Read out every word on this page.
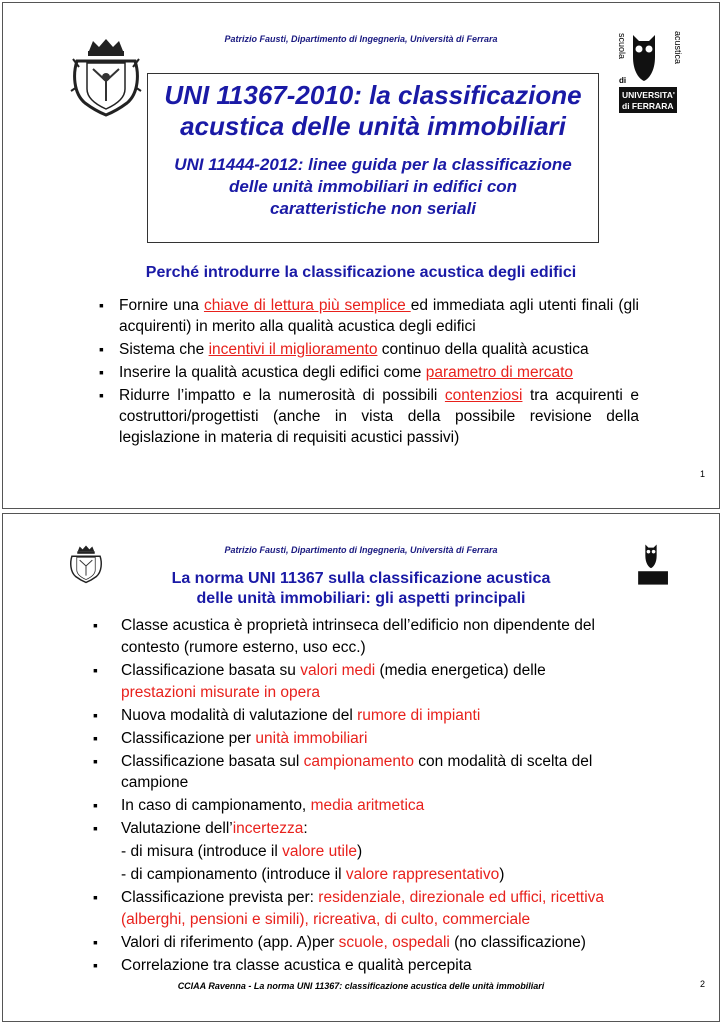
Patrizio Fausti, Dipartimento di Ingegneria, Università di Ferrara	scuola	acustica
di
UNIVERSITA'
di FERRARA
UNI 11367-2010: la classificazione acustica delle unità immobiliari
UNI 11444-2012: linee guida per la classificazione delle unità immobiliari in edifici con caratteristiche non seriali
Perché introdurre la classificazione acustica degli edifici
▪ Fornire una chiave di lettura più semplice ed immediata agli utenti finali (gli acquirenti) in merito alla qualità acustica degli edifici
▪ Sistema che incentivi il miglioramento continuo della qualità acustica
▪ Inserire la qualità acustica degli edifici come parametro di mercato
▪ Ridurre l’impatto e la numerosità di possibili contenziosi tra acquirenti e costruttori/progettisti (anche in vista della possibile revisione della legislazione in materia di requisiti acustici passivi)
1
Patrizio Fausti, Dipartimento di Ingegneria, Università di Ferrara
La norma UNI 11367 sulla classificazione acustica
delle unità immobiliari: gli aspetti principali
▪ Classe acustica è proprietà intrinseca dell’edificio non dipendente del contesto (rumore esterno, uso ecc.)
▪ Classificazione basata su valori medi (media energetica) delle
prestazioni misurate in opera
▪ Nuova modalità di valutazione del rumore di impianti
▪ Classificazione per unità immobiliari
▪ Classificazione basata sul campionamento con modalità di scelta del campione
▪ In caso di campionamento, media aritmetica
▪ Valutazione dell’incertezza:
- di misura (introduce il valore utile)
- di campionamento (introduce il valore rappresentativo)
▪ Classificazione prevista per: residenziale, direzionale ed uffici, ricettiva (alberghi, pensioni e simili), ricreativa, di culto, commerciale
▪ Valori di riferimento (app. A)per scuole, ospedali (no classificazione)
▪ Correlazione tra classe acustica e qualità percepita
CCIAA Ravenna - La norma UNI 11367: classificazione acustica delle unità immobiliari	2
